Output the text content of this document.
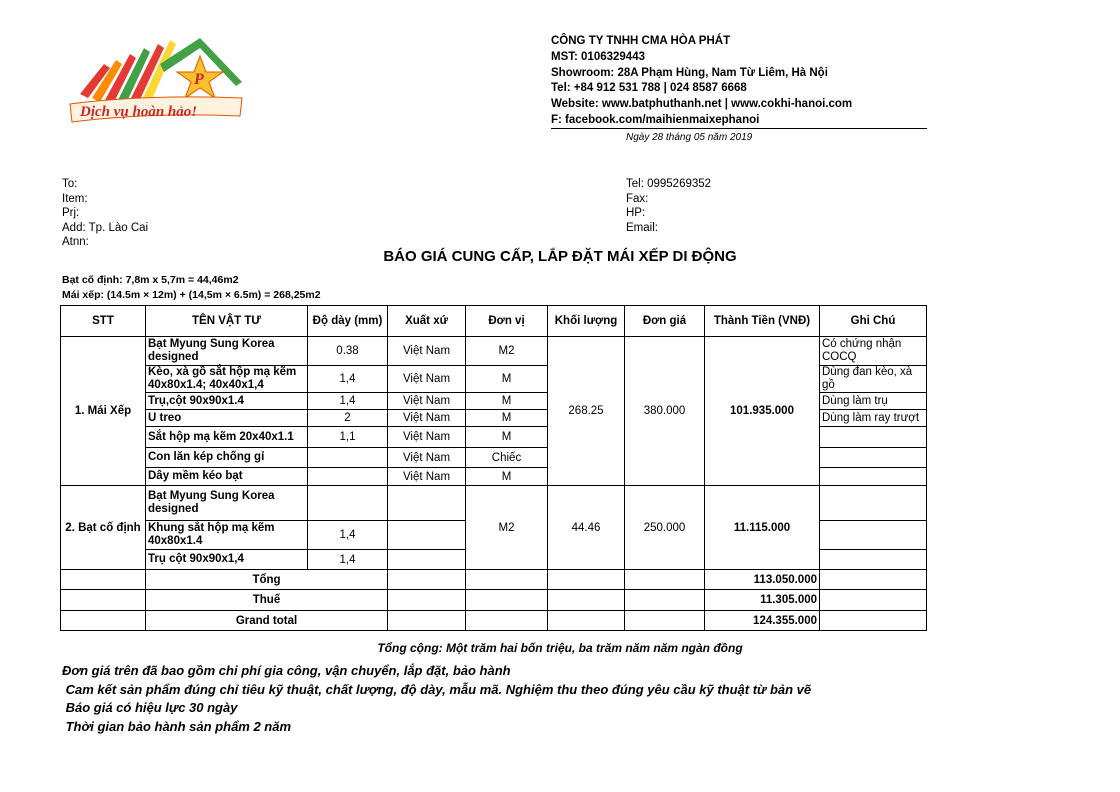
P
Dịch vụ hoàn hảo!
CÔNG TY TNHH CMA HÒA PHÁT
MST: 0106329443
Showroom: 28A Phạm Hùng, Nam Từ Liêm, Hà Nội
Tel: +84 912 531 788 | 024 8587 6668
Website: www.batphuthanh.net | www.cokhi-hanoi.com
F: facebook.com/maihienmaixephanoi
Ngày 28 tháng 05 năm 2019
To:
Item:
Prj:
Add: Tp. Lào Cai
Atnn:
Tel: 0995269352
Fax:
HP:
Email:
BÁO GIÁ CUNG CẤP, LẮP ĐẶT MÁI XẾP DI ĐỘNG
Bạt cố định: 7,8m x 5,7m = 44,46m2
Mái xếp: (14.5m × 12m) + (14,5m × 6.5m) = 268,25m2
STT	TÊN VẬT TƯ	Độ dày (mm)	Xuất xứ	Đơn vị	Khối lượng	Đơn giá	Thành Tiền (VNĐ)	Ghi Chú
1. Mái Xếp	Bạt Myung Sung Korea designed	0.38	Việt Nam	M2	268.25	380.000	101.935.000	Có chứng nhận COCQ
	Kèo, xà gồ sắt hộp mạ kẽm 40x80x1.4; 40x40x1,4	1,4	Việt Nam	M				Dùng đan kèo, xà gồ
	Trụ,cột 90x90x1.4	1,4	Việt Nam	M				Dùng làm trụ
	U treo	2	Việt Nam	M				Dùng làm ray trượt
	Sắt hộp mạ kẽm 20x40x1.1	1,1	Việt Nam	M				
	Con lăn kép chống gỉ		Việt Nam	Chiếc				
	Dây mềm kéo bạt		Việt Nam	M				
2. Bạt cố định	Bạt Myung Sung Korea designed			M2	44.46	250.000	11.115.000	
	Khung sắt hộp mạ kẽm 40x80x1.4	1,4						
	Trụ cột 90x90x1,4	1,4						
	Tổng						113.050.000	
	Thuế						11.305.000	
	Grand total						124.355.000	
Tổng cộng: Một trăm hai bốn triệu, ba trăm năm năm ngàn đồng
Đơn giá trên đã bao gồm chi phí gia công, vận chuyển, lắp đặt, bảo hành
Cam kết sản phẩm đúng chỉ tiêu kỹ thuật, chất lượng, độ dày, mẫu mã. Nghiệm thu theo đúng yêu cầu kỹ thuật từ bản vẽ
Báo giá có hiệu lực 30 ngày
Thời gian bảo hành sản phẩm 2 năm
